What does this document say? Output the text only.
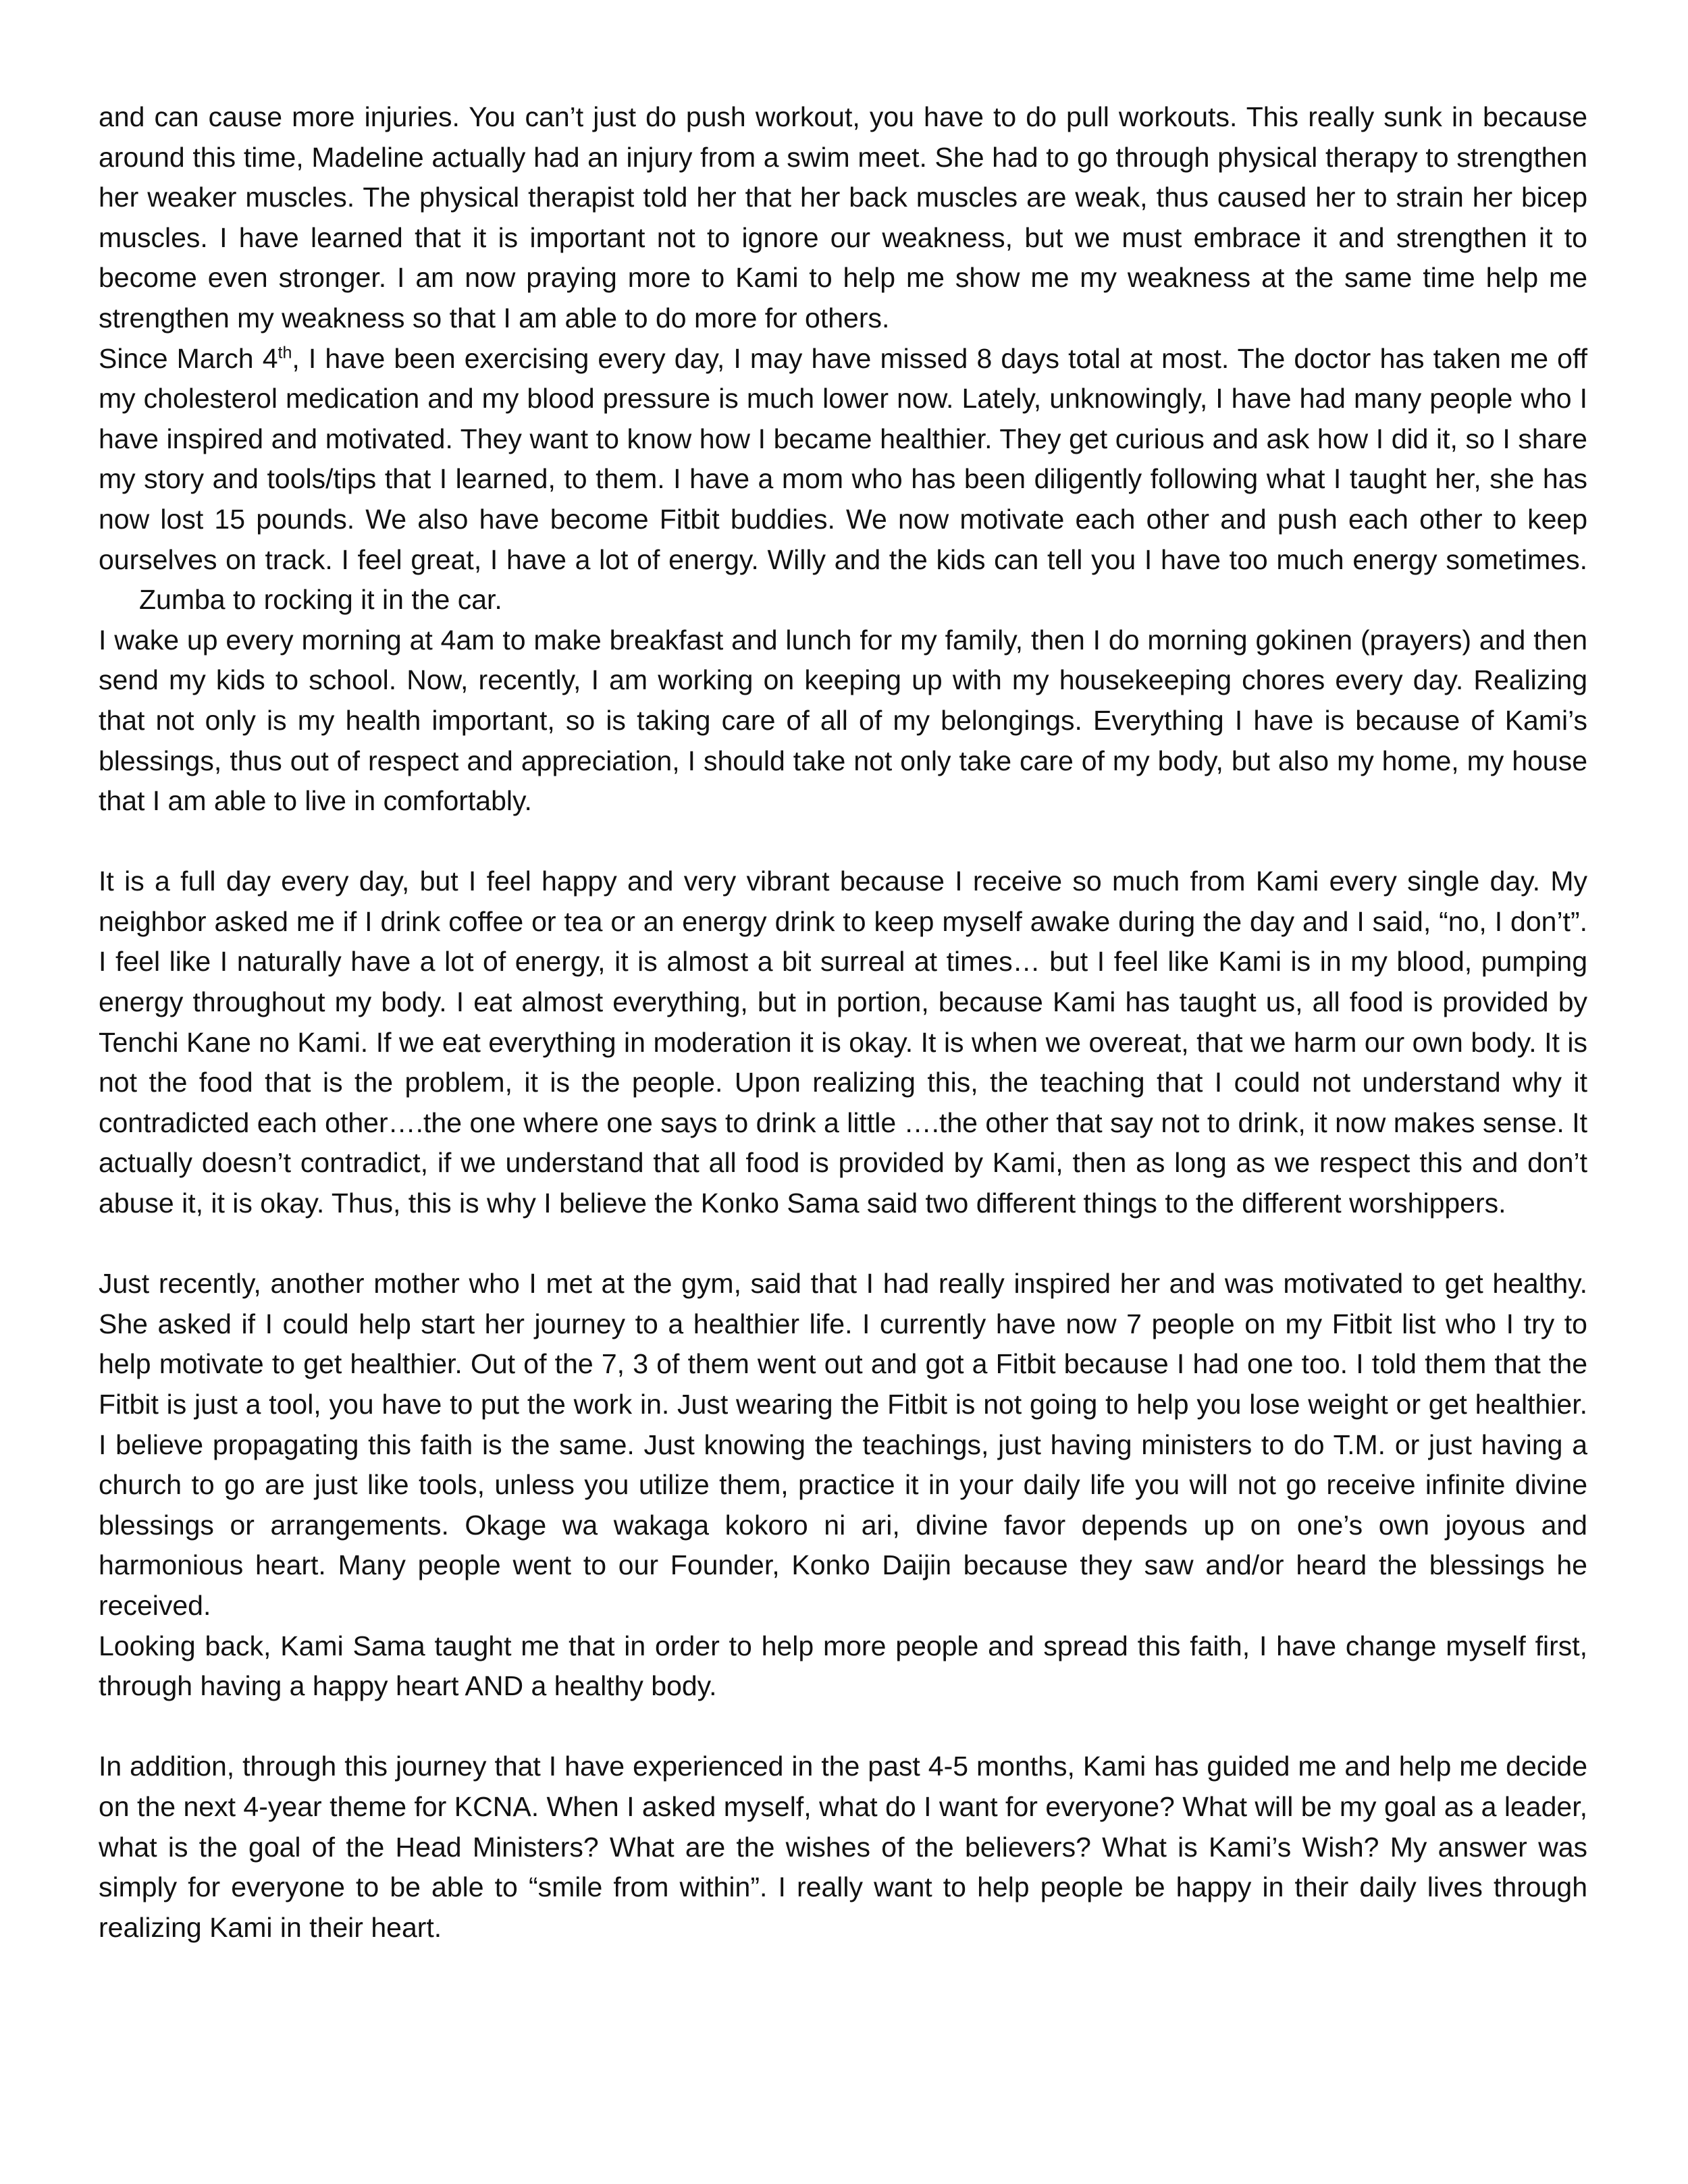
and can cause more injuries. You can’t just do push workout, you have to do pull workouts. This really sunk in because around this time, Madeline actually had an injury from a swim meet. She had to go through physical therapy to strengthen her weaker muscles. The physical therapist told her that her back muscles are weak, thus caused her to strain her bicep muscles. I have learned that it is important not to ignore our weakness, but we must embrace it and strengthen it to become even stronger. I am now praying more to Kami to help me show me my weakness at the same time help me strengthen my weakness so that I am able to do more for others.

Since March 4th, I have been exercising every day, I may have missed 8 days total at most. The doctor has taken me off my cholesterol medication and my blood pressure is much lower now. Lately, unknowingly, I have had many people who I have inspired and motivated. They want to know how I became healthier. They get curious and ask how I did it, so I share my story and tools/tips that I learned, to them. I have a mom who has been diligently following what I taught her, she has now lost 15 pounds. We also have become Fitbit buddies. We now motivate each other and push each other to keep ourselves on track. I feel great, I have a lot of energy. Willy and the kids can tell you I have too much energy sometimes.Zumba to rocking it in the car.

I wake up every morning at 4am to make breakfast and lunch for my family, then I do morning gokinen (prayers) and then send my kids to school. Now, recently, I am working on keeping up with my housekeeping chores every day. Realizing that not only is my health important, so is taking care of all of my belongings. Everything I have is because of Kami’s blessings, thus out of respect and appreciation, I should take not only take care of my body, but also my home, my house that I am able to live in comfortably.

It is a full day every day, but I feel happy and very vibrant because I receive so much from Kami every single day. My neighbor asked me if I drink coffee or tea or an energy drink to keep myself awake during the day and I said, “no, I don’t”. I feel like I naturally have a lot of energy, it is almost a bit surreal at times… but I feel like Kami is in my blood, pumping energy throughout my body. I eat almost everything, but in portion, because Kami has taught us, all food is provided by Tenchi Kane no Kami. If we eat everything in moderation it is okay. It is when we overeat, that we harm our own body. It is not the food that is the problem, it is the people. Upon realizing this, the teaching that I could not understand why it contradicted each other….the one where one says to drink a little ….the other that say not to drink, it now makes sense. It actually doesn’t contradict, if we understand that all food is provided by Kami, then as long as we respect this and don’t abuse it, it is okay. Thus, this is why I believe the Konko Sama said two different things to the different worshippers.

Just recently, another mother who I met at the gym, said that I had really inspired her and was motivated to get healthy. She asked if I could help start her journey to a healthier life. I currently have now 7 people on my Fitbit list who I try to help motivate to get healthier. Out of the 7, 3 of them went out and got a Fitbit because I had one too. I told them that the Fitbit is just a tool, you have to put the work in. Just wearing the Fitbit is not going to help you lose weight or get healthier. I believe propagating this faith is the same. Just knowing the teachings, just having ministers to do T.M. or just having a church to go are just like tools, unless you utilize them, practice it in your daily life you will not go receive infinite divine blessings or arrangements. Okage wa wakaga kokoro ni ari, divine favor depends up on one’s own joyous and harmonious heart. Many people went to our Founder, Konko Daijin because they saw and/or heard the blessings he received.

Looking back, Kami Sama taught me that in order to help more people and spread this faith, I have change myself first, through having a happy heart AND a healthy body.

In addition, through this journey that I have experienced in the past 4-5 months, Kami has guided me and help me decide on the next 4-year theme for KCNA. When I asked myself, what do I want for everyone? What will be my goal as a leader, what is the goal of the Head Ministers? What are the wishes of the believers? What is Kami’s Wish? My answer was simply for everyone to be able to “smile from within”. I really want to help people be happy in their daily lives through realizing Kami in their heart.
